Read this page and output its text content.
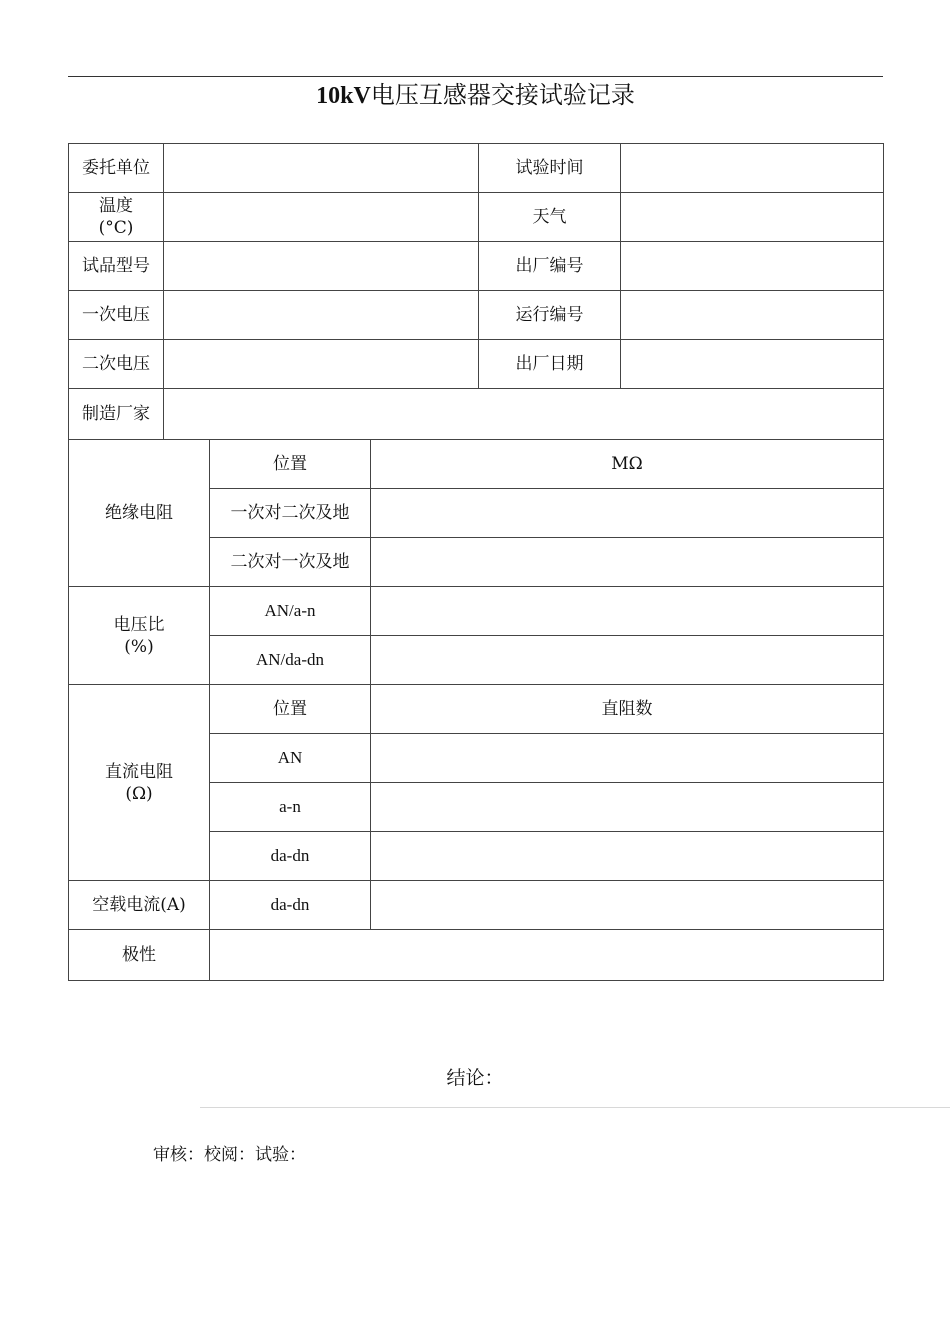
10kV电压互感器交接试验记录
委托单位				试验时间	

温度
(°C)				天气	
试品型号				出厂编号	
一次电压				运行编号	
二次电压				出厂日期	
制造厂家					
绝缘电阻		位置	MΩ		
		一次对二次及地			
		二次对一次及地			

电压比
(%)		AN/a-n			
		AN/da-dn			

直流电阻
(Ω)		位置	直阻数		
		AN			
		a-n			
		da-dn			
空载电流(A)		da-dn			
极性					
结论：
审核：校阅：试验：
